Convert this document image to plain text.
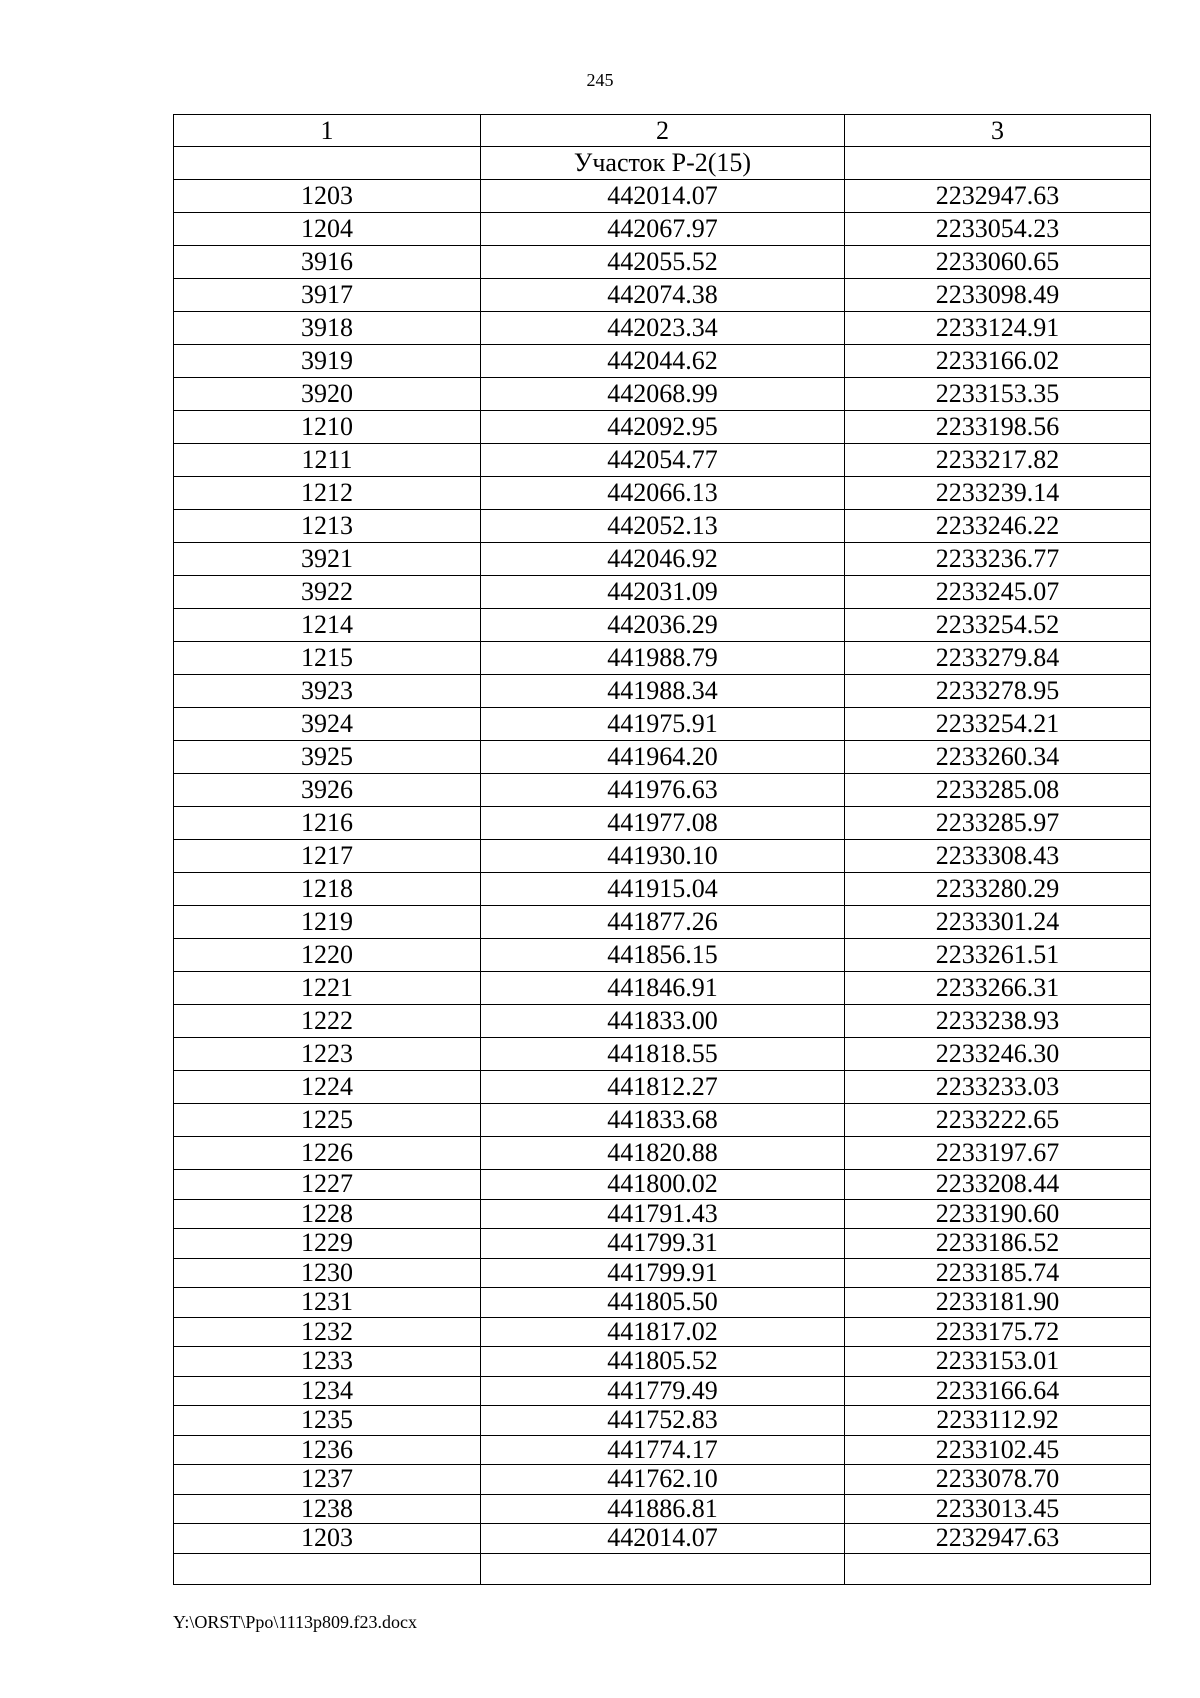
245
1	2	3
	Участок Р-2(15)	
1203	442014.07	2232947.63
1204	442067.97	2233054.23
3916	442055.52	2233060.65
3917	442074.38	2233098.49
3918	442023.34	2233124.91
3919	442044.62	2233166.02
3920	442068.99	2233153.35
1210	442092.95	2233198.56
1211	442054.77	2233217.82
1212	442066.13	2233239.14
1213	442052.13	2233246.22
3921	442046.92	2233236.77
3922	442031.09	2233245.07
1214	442036.29	2233254.52
1215	441988.79	2233279.84
3923	441988.34	2233278.95
3924	441975.91	2233254.21
3925	441964.20	2233260.34
3926	441976.63	2233285.08
1216	441977.08	2233285.97
1217	441930.10	2233308.43
1218	441915.04	2233280.29
1219	441877.26	2233301.24
1220	441856.15	2233261.51
1221	441846.91	2233266.31
1222	441833.00	2233238.93
1223	441818.55	2233246.30
1224	441812.27	2233233.03
1225	441833.68	2233222.65
1226	441820.88	2233197.67
1227	441800.02	2233208.44
1228	441791.43	2233190.60
1229	441799.31	2233186.52
1230	441799.91	2233185.74
1231	441805.50	2233181.90
1232	441817.02	2233175.72
1233	441805.52	2233153.01
1234	441779.49	2233166.64
1235	441752.83	2233112.92
1236	441774.17	2233102.45
1237	441762.10	2233078.70
1238	441886.81	2233013.45
1203	442014.07	2232947.63

Y:\ORST\Ppo\1113p809.f23.docx
